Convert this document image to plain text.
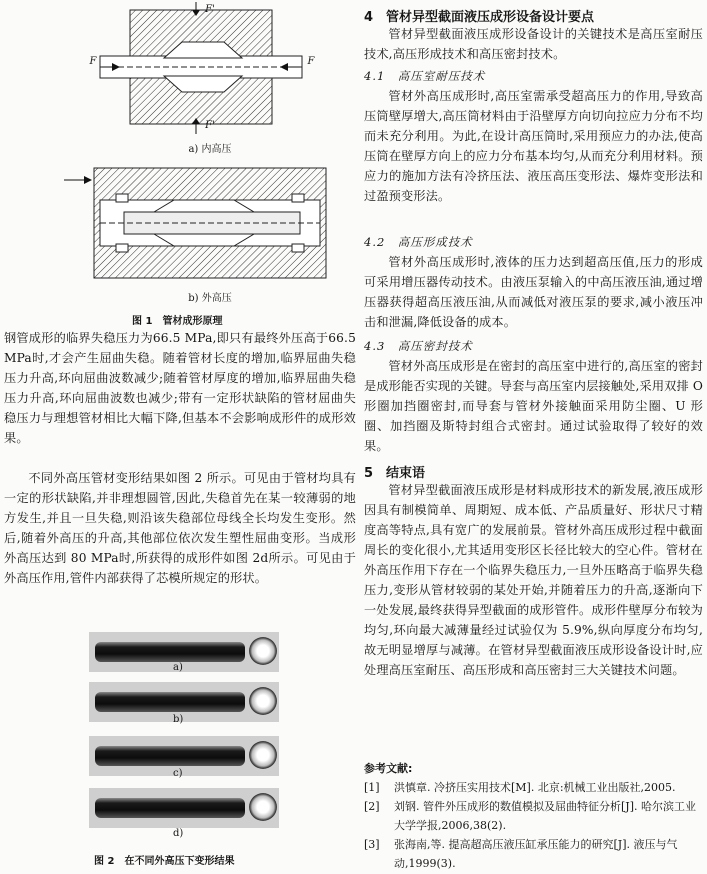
F'
F'
F	F
a) 内高压
b) 外高压
图 1　管材成形原理

钢管成形的临界失稳压力为66.5 MPa,即只有最终外压高于66.5 MPa时,才会产生屈曲失稳。随着管材长度的增加,临界屈曲失稳压力升高,环向屈曲波数减少;随着管材厚度的增加,临界屈曲失稳压力升高,环向屈曲波数也减少;带有一定形状缺陷的管材屈曲失稳压力与理想管材相比大幅下降,但基本不会影响成形件的成形效果。

不同外高压管材变形结果如图 2 所示。可见由于管材均具有一定的形状缺陷,并非理想圆管,因此,失稳首先在某一较薄弱的地方发生,并且一旦失稳,则沿该失稳部位母线全长均发生变形。然后,随着外高压的升高,其他部位依次发生塑性屈曲变形。当成形外高压达到 80 MPa时,所获得的成形件如图 2d所示。可见由于外高压作用,管件内部获得了芯模所规定的形状。

a)
b)
c)
d)
图 2　在不同外高压下变形结果
4　管材异型截面液压成形设备设计要点

管材异型截面液压成形设备设计的关键技术是高压室耐压技术,高压形成技术和高压密封技术。

4.1　高压室耐压技术

管材外高压成形时,高压室需承受超高压力的作用,导致高压筒壁厚增大,高压筒材料由于沿壁厚方向切向拉应力分布不均而未充分利用。为此,在设计高压筒时,采用预应力的办法,使高压筒在壁厚方向上的应力分布基本均匀,从而充分利用材料。预应力的施加方法有冷挤压法、液压高压变形法、爆炸变形法和过盈预变形法。

4.2　高压形成技术

管材外高压成形时,液体的压力达到超高压值,压力的形成可采用增压器传动技术。由液压泵输入的中高压液压油,通过增压器获得超高压液压油,从而减低对液压泵的要求,减小液压冲击和泄漏,降低设备的成本。

4.3　高压密封技术

管材外高压成形是在密封的高压室中进行的,高压室的密封是成形能否实现的关键。导套与高压室内层接触处,采用双排 O 形圈加挡圈密封,而导套与管材外接触面采用防尘圈、U 形圈、加挡圈及斯特封组合式密封。通过试验取得了较好的效果。

5　结束语

管材异型截面液压成形是材料成形技术的新发展,液压成形因具有制模简单、周期短、成本低、产品质量好、形状尺寸精度高等特点,具有宽广的发展前景。管材外高压成形过程中截面周长的变化很小,尤其适用变形区长径比较大的空心件。管材在外高压作用下存在一个临界失稳压力,一旦外压略高于临界失稳压力,变形从管材较弱的某处开始,并随着压力的升高,逐渐向下一处发展,最终获得异型截面的成形管件。成形件壁厚分布较为均匀,环向最大减薄量经过试验仅为 5.9%,纵向厚度分布均匀,故无明显增厚与减薄。在管材异型截面液压成形设备设计时,应处理高压室耐压、高压形成和高压密封三大关键技术问题。

参考文献:
[1] 洪慎章. 冷挤压实用技术[M]. 北京:机械工业出版社,2005.
[2] 刘钢. 管件外压成形的数值模拟及屈曲特征分析[J]. 哈尔滨工业大学学报,2006,38(2).
[3] 张海南,等. 提高超高压液压缸承压能力的研究[J]. 液压与气动,1999(3).
